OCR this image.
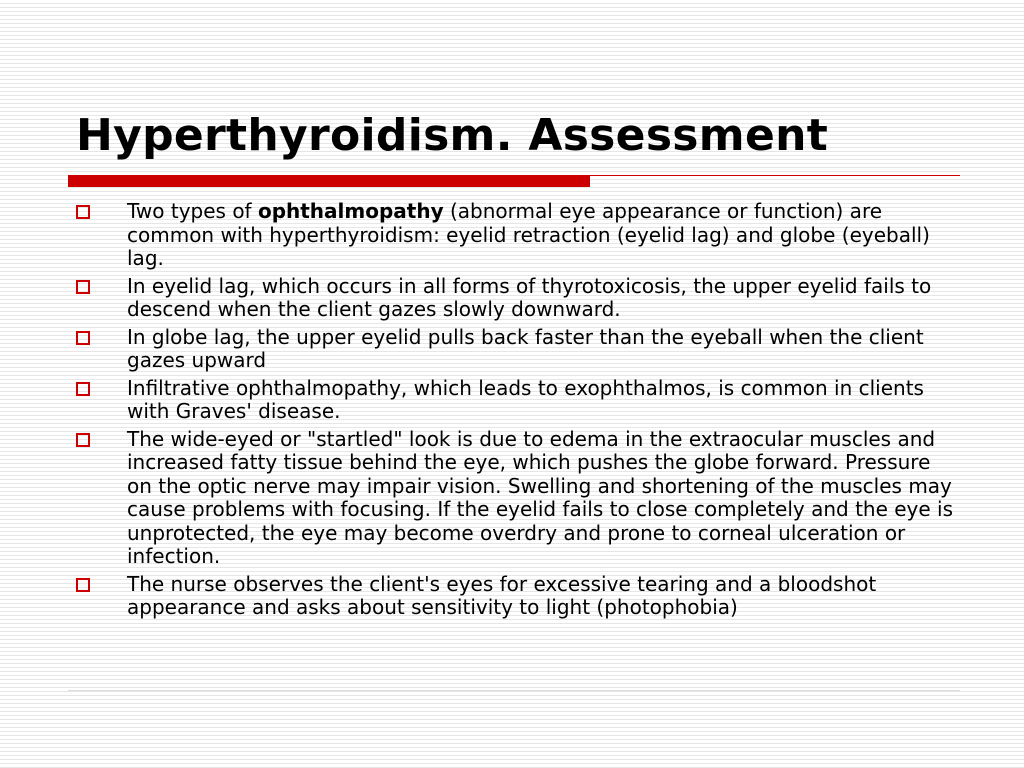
Hyperthyroidism. Assessment
Two types of ophthalmopathy (abnormal eye appearance or function) are common with hyperthyroidism: eyelid retraction (eyelid lag) and globe (eyeball) lag.
In eyelid lag, which occurs in all forms of thyrotoxicosis, the upper eyelid fails to descend when the client gazes slowly downward.
In globe lag, the upper eyelid pulls back faster than the eyeball when the client gazes upward
Infiltrative ophthalmopathy, which leads to exophthalmos, is common in clients with Graves' disease.
The wide-eyed or "startled" look is due to edema in the extraocular muscles and increased fatty tissue behind the eye, which pushes the globe forward. Pressure on the optic nerve may impair vision. Swelling and shortening of the muscles may cause problems with focusing. If the eyelid fails to close completely and the eye is unprotected, the eye may become overdry and prone to corneal ulceration or infection.
The nurse observes the client's eyes for excessive tearing and a bloodshot appearance and asks about sensitivity to light (photophobia)
